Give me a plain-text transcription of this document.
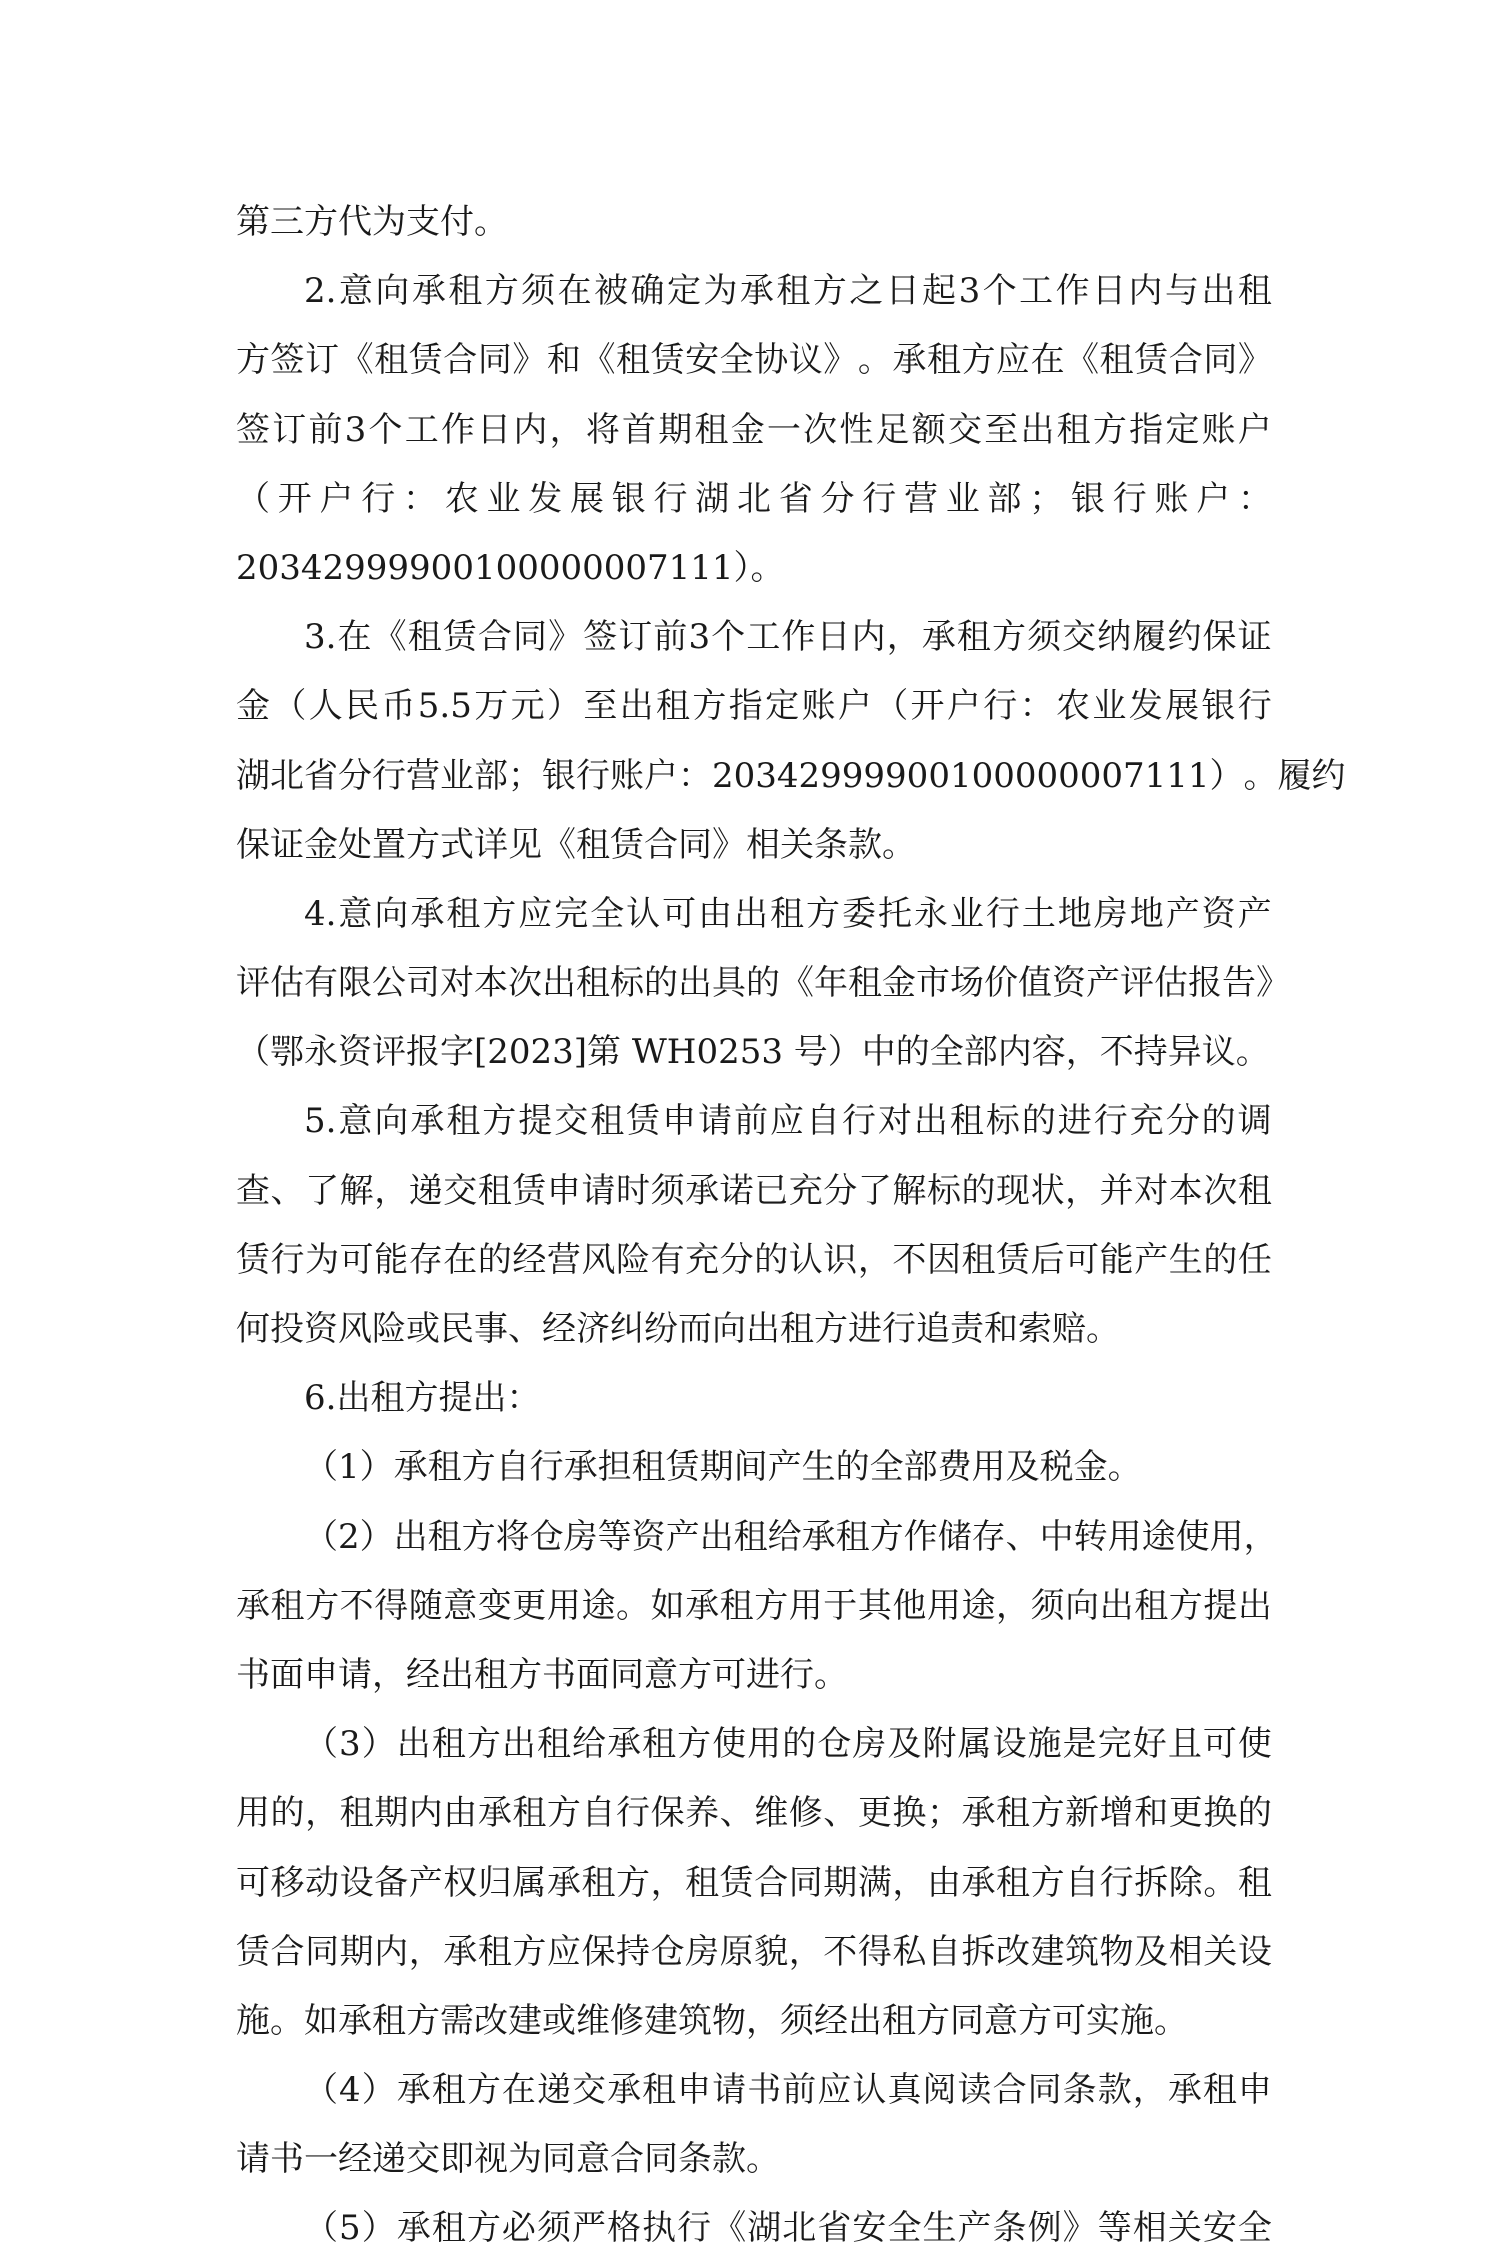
第三方代为支付。
2. 意 向 承 租 方 须 在 被 确 定 为 承 租 方 之 日 起 3 个 工 作 日 内 与 出 租
方 签 订 《 租 赁 合 同 》 和 《 租 赁 安 全 协 议 》 。 承 租 方 应 在 《 租 赁 合 同 》
签 订 前 3 个 工 作 日 内 ， 将 首 期 租 金 一 次 性 足 额 交 至 出 租 方 指 定 账 户
（ 开 户 行 ： 农 业 发 展 银 行 湖 北 省 分 行 营 业 部 ； 银 行 账 户 ：
20342999900100000007111）。
3. 在 《 租 赁 合 同 》 签 订 前 3 个 工 作 日 内 ， 承 租 方 须 交 纳 履 约 保 证
金 （ 人 民 币 5.5 万 元 ） 至 出 租 方 指 定 账 户 （ 开 户 行 ： 农 业 发 展 银 行
湖 北 省 分 行 营 业 部 ； 银 行 账 户 ： 20342999900100000007111 ） 。 履 约
保证金处置方式详见《租赁合同》相关条款。
4. 意 向 承 租 方 应 完 全 认 可 由 出 租 方 委 托 永 业 行 土 地 房 地 产 资 产
评 估 有 限 公 司 对 本 次 出 租 标 的 出 具 的 《 年 租 金 市 场 价 值 资 产 评 估 报 告 》
（鄂永资评报字[2023]第 WH0253 号）中的全部内容，不持异议。
5. 意 向 承 租 方 提 交 租 赁 申 请 前 应 自 行 对 出 租 标 的 进 行 充 分 的 调
查 、 了 解 ， 递 交 租 赁 申 请 时 须 承 诺 已 充 分 了 解 标 的 现 状 ， 并 对 本 次 租
赁 行 为 可 能 存 在 的 经 营 风 险 有 充 分 的 认 识 ， 不 因 租 赁 后 可 能 产 生 的 任
何投资风险或民事、经济纠纷而向出租方进行追责和索赔。
6.出租方提出：
（1）承租方自行承担租赁期间产生的全部费用及税金。
（ 2 ） 出 租 方 将 仓 房 等 资 产 出 租 给 承 租 方 作 储 存 、 中 转 用 途 使 用 ，
承 租 方 不 得 随 意 变 更 用 途 。 如 承 租 方 用 于 其 他 用 途 ， 须 向 出 租 方 提 出
书面申请，经出租方书面同意方可进行。
（ 3 ） 出 租 方 出 租 给 承 租 方 使 用 的 仓 房 及 附 属 设 施 是 完 好 且 可 使
用 的 ， 租 期 内 由 承 租 方 自 行 保 养 、 维 修 、 更 换 ； 承 租 方 新 增 和 更 换 的
可 移 动 设 备 产 权 归 属 承 租 方 ， 租 赁 合 同 期 满 ， 由 承 租 方 自 行 拆 除 。 租
赁 合 同 期 内 ， 承 租 方 应 保 持 仓 房 原 貌 ， 不 得 私 自 拆 改 建 筑 物 及 相 关 设
施。如承租方需改建或维修建筑物，须经出租方同意方可实施。
（ 4 ） 承 租 方 在 递 交 承 租 申 请 书 前 应 认 真 阅 读 合 同 条 款 ， 承 租 申
请书一经递交即视为同意合同条款。
（ 5 ） 承 租 方 必 须 严 格 执 行 《 湖 北 省 安 全 生 产 条 例 》 等 相 关 安 全
